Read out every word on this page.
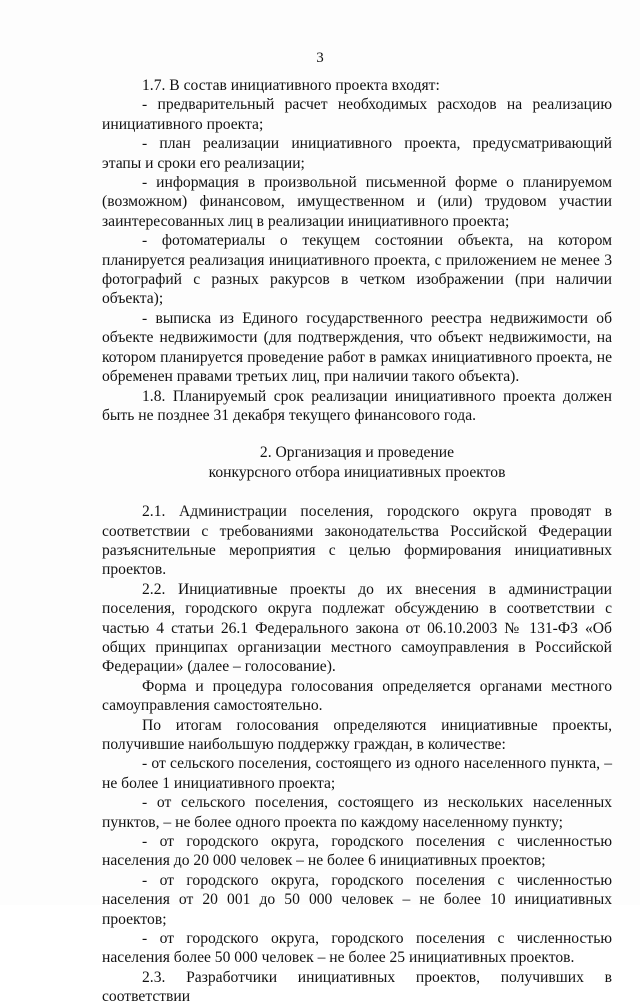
3

1.7. В состав инициативного проекта входят:

- предварительный расчет необходимых расходов на реализацию инициативного проекта;

- план реализации инициативного проекта, предусматривающий этапы и сроки его реализации;

- информация в произвольной письменной форме о планируемом (возможном) финансовом, имущественном и (или) трудовом участии заинтересованных лиц в реализации инициативного проекта;

- фотоматериалы о текущем состоянии объекта, на котором планируется реализация инициативного проекта, с приложением не менее 3 фотографий с разных ракурсов в четком изображении (при наличии объекта);

- выписка из Единого государственного реестра недвижимости об объекте недвижимости (для подтверждения, что объект недвижимости, на котором планируется проведение работ в рамках инициативного проекта, не обременен правами третьих лиц, при наличии такого объекта).

1.8. Планируемый срок реализации инициативного проекта должен быть не позднее 31 декабря текущего финансового года.

2. Организация и проведение
конкурсного отбора инициативных проектов

2.1. Администрации поселения, городского округа проводят в соответствии с требованиями законодательства Российской Федерации разъяснительные мероприятия с целью формирования инициативных проектов.

2.2. Инициативные проекты до их внесения в администрации поселения, городского округа подлежат обсуждению в соответствии с частью 4 статьи 26.1 Федерального закона от 06.10.2003 № 131-ФЗ «Об общих принципах организации местного самоуправления в Российской Федерации» (далее – голосование).

Форма и процедура голосования определяется органами местного самоуправления самостоятельно.

По итогам голосования определяются инициативные проекты, получившие наибольшую поддержку граждан, в количестве:

- от сельского поселения, состоящего из одного населенного пункта, – не более 1 инициативного проекта;

- от сельского поселения, состоящего из нескольких населенных пунктов, – не более одного проекта по каждому населенному пункту;

- от городского округа, городского поселения с численностью населения до 20 000 человек – не более 6 инициативных проектов;

- от городского округа, городского поселения с численностью населения от 20 001 до 50 000 человек – не более 10 инициативных проектов;

- от городского округа, городского поселения с численностью населения более 50 000 человек – не более 25 инициативных проектов.

2.3. Разработчики инициативных проектов, получивших в соответствии
